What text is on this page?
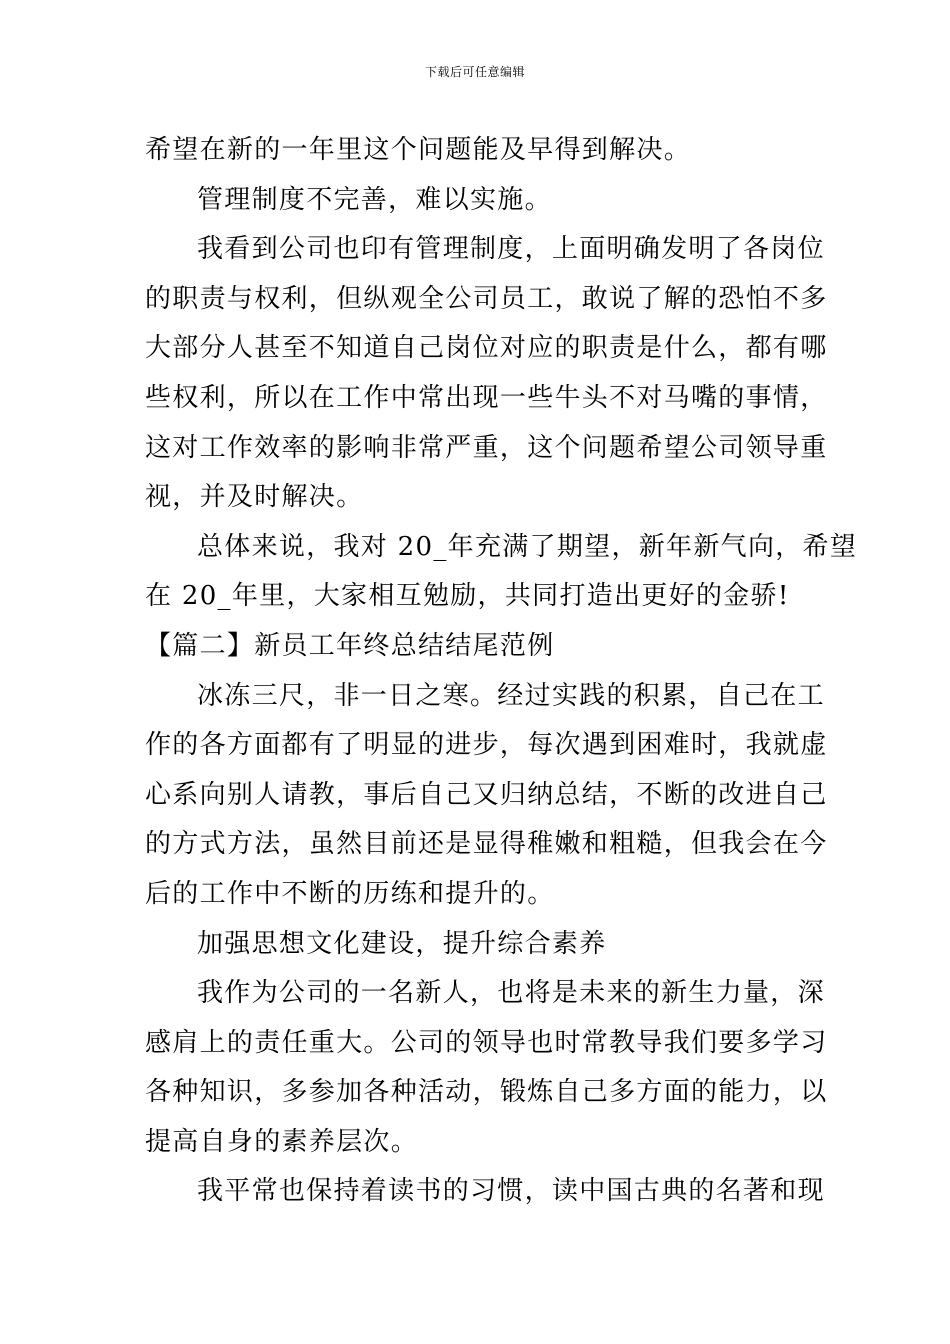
下载后可任意编辑
希望在新的一年里这个问题能及早得到解决。
管理制度不完善，难以实施。
我看到公司也印有管理制度，上面明确发明了各岗位
的职责与权利，但纵观全公司员工，敢说了解的恐怕不多
大部分人甚至不知道自己岗位对应的职责是什么，都有哪
些权利，所以在工作中常出现一些牛头不对马嘴的事情，
这对工作效率的影响非常严重，这个问题希望公司领导重
视，并及时解决。
总体来说，我对 20_年充满了期望，新年新气向，希望
在 20_年里，大家相互勉励，共同打造出更好的金骄!
【篇二】新员工年终总结结尾范例
冰冻三尺，非一日之寒。经过实践的积累，自己在工
作的各方面都有了明显的进步，每次遇到困难时，我就虚
心系向别人请教，事后自己又归纳总结，不断的改进自己
的方式方法，虽然目前还是显得稚嫩和粗糙，但我会在今
后的工作中不断的历练和提升的。
加强思想文化建设，提升综合素养
我作为公司的一名新人，也将是未来的新生力量，深
感肩上的责任重大。公司的领导也时常教导我们要多学习
各种知识，多参加各种活动，锻炼自己多方面的能力，以
提高自身的素养层次。
我平常也保持着读书的习惯，读中国古典的名著和现
